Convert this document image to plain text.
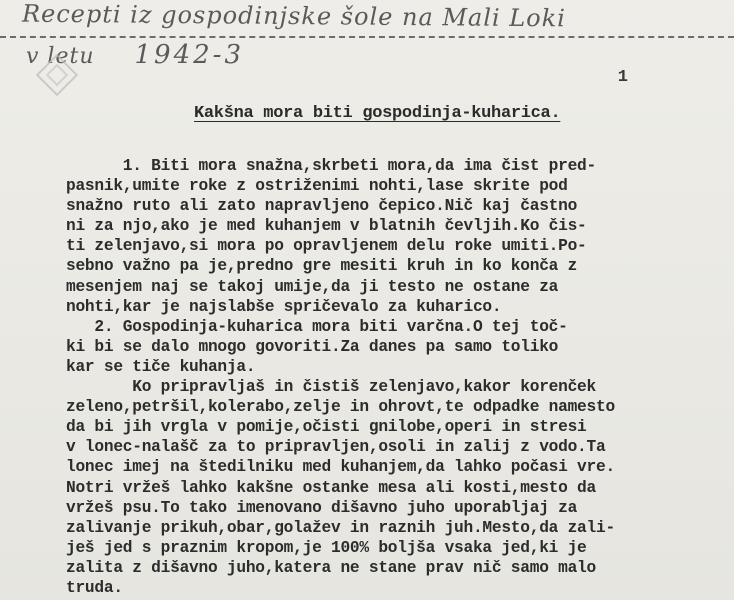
Recepti iz gospodinjske šole na Mali Loki
v letu 1942-3
1
Kakšna mora biti gospodinja-kuharica.
1. Biti mora snažna,skrbeti mora,da ima čist pred-
pasnik,umite roke z ostriženimi nohti,lase skrite pod
snažno ruto ali zato napravljeno čepico.Nič kaj častno
ni za njo,ako je med kuhanjem v blatnih čevljih.Ko čis-
ti zelenjavo,si mora po opravljenem delu roke umiti.Po-
sebno važno pa je,predno gre mesiti kruh in ko konča z
mesenjem naj se takoj umije,da ji testo ne ostane za
nohti,kar je najslabše spričevalo za kuharico.
2. Gospodinja-kuharica mora biti varčna.O tej toč-
ki bi se dalo mnogo govoriti.Za danes pa samo toliko
kar se tiče kuhanja.
Ko pripravljaš in čistiš zelenjavo,kakor korenček
zeleno,petršil,kolerabo,zelje in ohrovt,te odpadke namesto
da bi jih vrgla v pomije,očisti gnilobe,operi in stresi
v lonec-nalašč za to pripravljen,osoli in zalij z vodo.Ta
lonec imej na štedilniku med kuhanjem,da lahko počasi vre.
Notri vržeš lahko kakšne ostanke mesa ali kosti,mesto da
vržeš psu.To tako imenovano dišavno juho uporabljaj za
zalivanje prikuh,obar,golažev in raznih juh.Mesto,da zali-
ješ jed s praznim kropom,je 100% boljša vsaka jed,ki je
zalita z dišavno juho,katera ne stane prav nič samo malo
truda.
